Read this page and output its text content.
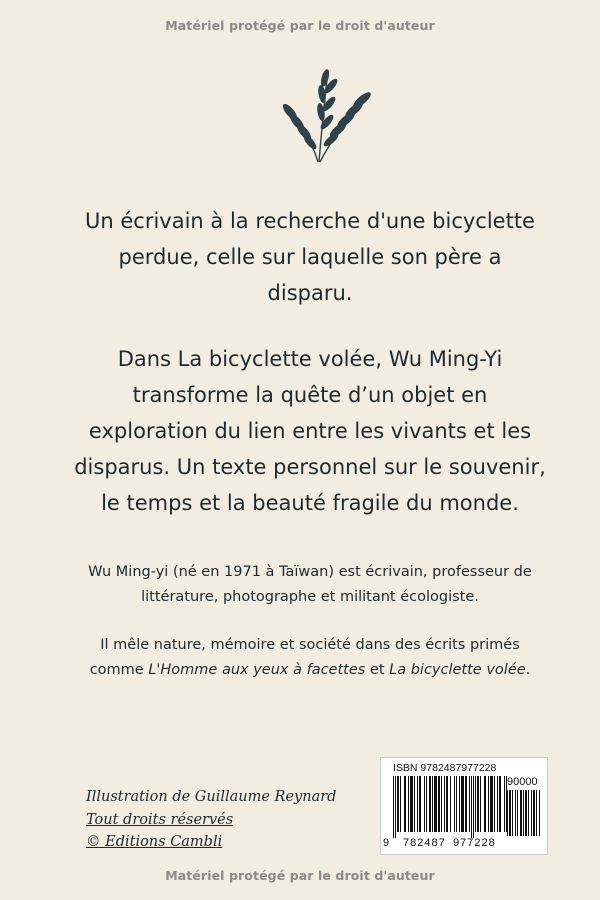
Matériel protégé par le droit d'auteur
Un écrivain à la recherche d'une bicyclette
perdue, celle sur laquelle son père a
disparu.
Dans La bicyclette volée, Wu Ming-Yi
transforme la quête d’un objet en
exploration du lien entre les vivants et les
disparus. Un texte personnel sur le souvenir,
le temps et la beauté fragile du monde.
Wu Ming-yi (né en 1971 à Taïwan) est écrivain, professeur de
littérature, photographe et militant écologiste.
Il mêle nature, mémoire et société dans des écrits primés
comme L'Homme aux yeux à facettes et La bicyclette volée.
Illustration de Guillaume Reynard
Tout droits réservés
© Editions Cambli
ISBN 9782487977228
90000
9 782487 977228
Matériel protégé par le droit d'auteur
